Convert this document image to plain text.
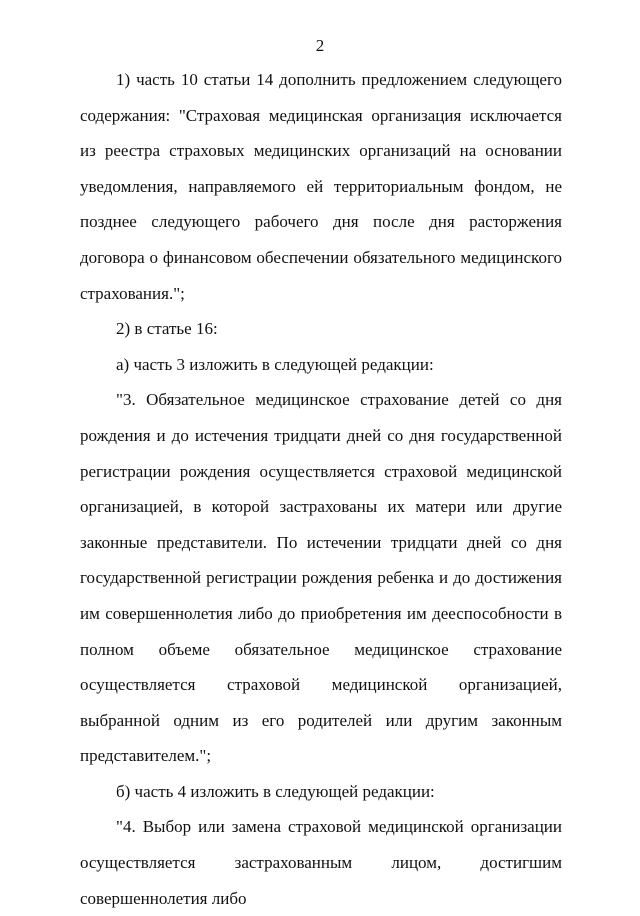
2

1) часть 10 статьи 14 дополнить предложением следующего содержания: "Страховая медицинская организация исключается из реестра страховых медицинских организаций на основании уведомления, направляемого ей территориальным фондом, не позднее следующего рабочего дня после дня расторжения договора о финансовом обеспечении обязательного медицинского страхования.";

2) в статье 16:

а) часть 3 изложить в следующей редакции:

"3. Обязательное медицинское страхование детей со дня рождения и до истечения тридцати дней со дня государственной регистрации рождения осуществляется страховой медицинской организацией, в которой застрахованы их матери или другие законные представители. По истечении тридцати дней со дня государственной регистрации рождения ребенка и до достижения им совершеннолетия либо до приобретения им дееспособности в полном объеме обязательное медицинское страхование осуществляется страховой медицинской организацией, выбранной одним из его родителей или другим законным представителем.";

б) часть 4 изложить в следующей редакции:

"4. Выбор или замена страховой медицинской организации осуществляется застрахованным лицом, достигшим совершеннолетия либо
